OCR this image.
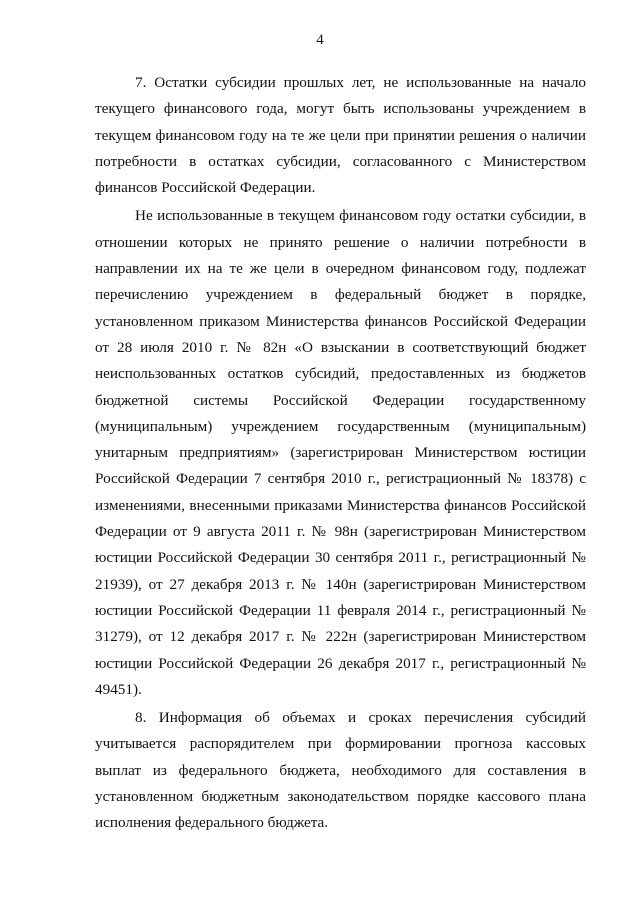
4

7. Остатки субсидии прошлых лет, не использованные на начало текущего финансового года, могут быть использованы учреждением в текущем финансовом году на те же цели при принятии решения о наличии потребности в остатках субсидии, согласованного с Министерством финансов Российской Федерации.

Не использованные в текущем финансовом году остатки субсидии, в отношении которых не принято решение о наличии потребности в направлении их на те же цели в очередном финансовом году, подлежат перечислению учреждением в федеральный бюджет в порядке, установленном приказом Министерства финансов Российской Федерации от 28 июля 2010 г. № 82н «О взыскании в соответствующий бюджет неиспользованных остатков субсидий, предоставленных из бюджетов бюджетной системы Российской Федерации государственному (муниципальным) учреждением государственным (муниципальным) унитарным предприятиям» (зарегистрирован Министерством юстиции Российской Федерации 7 сентября 2010 г., регистрационный № 18378) с изменениями, внесенными приказами Министерства финансов Российской Федерации от 9 августа 2011 г. № 98н (зарегистрирован Министерством юстиции Российской Федерации 30 сентября 2011 г., регистрационный № 21939), от 27 декабря 2013 г. № 140н (зарегистрирован Министерством юстиции Российской Федерации 11 февраля 2014 г., регистрационный № 31279), от 12 декабря 2017 г. № 222н (зарегистрирован Министерством юстиции Российской Федерации 26 декабря 2017 г., регистрационный № 49451).

8. Информация об объемах и сроках перечисления субсидий учитывается распорядителем при формировании прогноза кассовых выплат из федерального бюджета, необходимого для составления в установленном бюджетным законодательством порядке кассового плана исполнения федерального бюджета.
